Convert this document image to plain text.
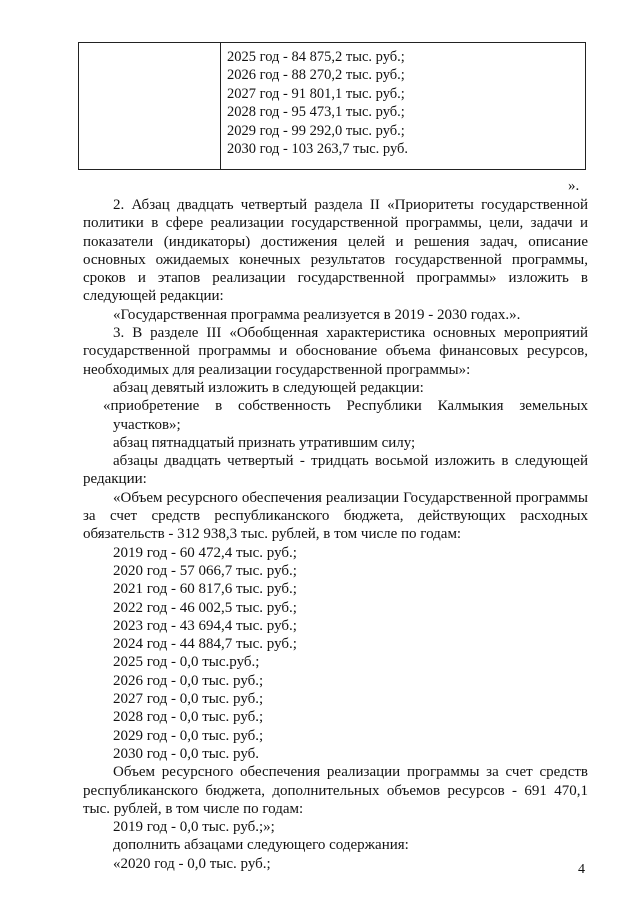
2025 год - 84 875,2 тыс. руб.;
2026 год - 88 270,2 тыс. руб.;
2027 год - 91 801,1 тыс. руб.;
2028 год - 95 473,1 тыс. руб.;
2029 год - 99 292,0 тыс. руб.;
2030 год - 103 263,7 тыс. руб.
».

2. Абзац двадцать четвертый раздела II «Приоритеты государственной политики в сфере реализации государственной программы, цели, задачи и показатели (индикаторы) достижения целей и решения задач, описание основных ожидаемых конечных результатов государственной программы, сроков и этапов реализации государственной программы» изложить в следующей редакции:

«Государственная программа реализуется в 2019 - 2030 годах.».

3. В разделе III «Обобщенная характеристика основных мероприятий государственной программы и обоснование объема финансовых ресурсов, необходимых для реализации государственной программы»:

абзац девятый изложить в следующей редакции:

«приобретение в собственность Республики Калмыкия земельных

участков»;

абзац пятнадцатый признать утратившим силу;

абзацы двадцать четвертый - тридцать восьмой изложить в следующей редакции:

«Объем ресурсного обеспечения реализации Государственной программы за счет средств республиканского бюджета, действующих расходных обязательств - 312 938,3 тыс. рублей, в том числе по годам:

2019 год - 60 472,4 тыс. руб.;

2020 год - 57 066,7 тыс. руб.;

2021 год - 60 817,6 тыс. руб.;

2022 год - 46 002,5 тыс. руб.;

2023 год - 43 694,4 тыс. руб.;

2024 год - 44 884,7 тыс. руб.;

2025 год - 0,0 тыс.руб.;

2026 год - 0,0 тыс. руб.;

2027 год - 0,0 тыс. руб.;

2028 год - 0,0 тыс. руб.;

2029 год - 0,0 тыс. руб.;

2030 год - 0,0 тыс. руб.

Объем ресурсного обеспечения реализации программы за счет средств республиканского бюджета, дополнительных объемов ресурсов - 691 470,1 тыс. рублей, в том числе по годам:

2019 год - 0,0 тыс. руб.;»;

дополнить абзацами следующего содержания:

«2020 год - 0,0 тыс. руб.;	4
